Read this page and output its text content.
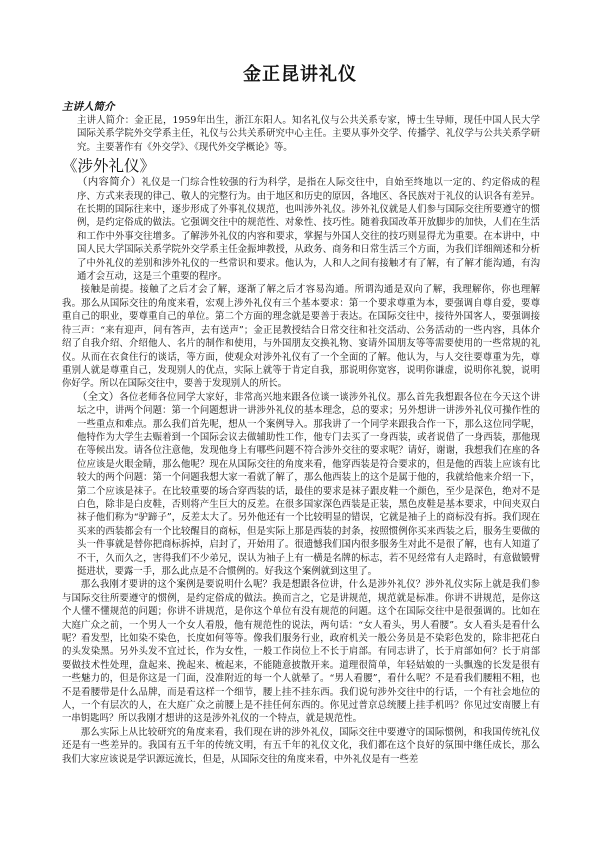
金正昆讲礼仪
主讲人简介

主讲人简介：金正昆，1959年出生，浙江东阳人。知名礼仪与公共关系专家，博士生导师，现任中国人民大学国际关系学院外交学系主任，礼仪与公共关系研究中心主任。主要从事外交学、传播学、礼仪学与公共关系学研究。主要著作有《外交学》、《现代外交学概论》等。

《涉外礼仪》

（内容简介）礼仪是一门综合性较强的行为科学，是指在人际交往中，自始至终地以一定的、约定俗成的程序、方式来表现的律己、敬人的完整行为。由于地区和历史的原因，各地区、各民族对于礼仪的认识各有差异。在长期的国际往来中，逐步形成了外事礼仪规范，也叫涉外礼仪。涉外礼仪就是人们参与国际交往所要遵守的惯例，是约定俗成的做法。它强调交往中的规范性、对象性、技巧性。随着我国改革开放脚步的加快，人们在生活和工作中外事交往增多。了解涉外礼仪的内容和要求，掌握与外国人交往的技巧则显得尤为重要。在本讲中，中国人民大学国际关系学院外交学系主任金振坤教授，从政务、商务和日常生活三个方面，为我们详细阐述和分析了中外礼仪的差别和涉外礼仪的一些常识和要求。他认为，人和人之间有接触才有了解，有了解才能沟通，有沟通才会互动，这是三个重要的程序。

接触是前提。接触了之后才会了解，逐渐了解之后才容易沟通。所谓沟通是双向了解，我理解你，你也理解我。那么从国际交往的角度来看，宏观上涉外礼仪有三个基本要求：第一个要求尊重为本，要强调自尊自爱，要尊重自己的职业，要尊重自己的单位。第二个方面的理念就是要善于表达。在国际交往中，接待外国客人，要强调接待三声：“来有迎声，问有答声，去有送声”；金正昆教授结合日常交往和社交活动、公务活动的一些内容，具体介绍了自我介绍、介绍他人、名片的制作和使用，与外国朋友交换礼物、宴请外国朋友等等需要使用的一些常规的礼仪。从而在衣食住行的谈话，等方面，使观众对涉外礼仪有了一个全面的了解。他认为，与人交往要尊重为先，尊重别人就是尊重自己，发现别人的优点，实际上就等于肯定自我，那说明你宽容，说明你谦虚，说明你礼貌，说明你好学。所以在国际交往中，要善于发现别人的所长。

（全文）各位老师各位同学大家好，非常高兴地来跟各位谈一谈涉外礼仪。那么首先我想跟各位在今天这个讲坛之中，讲两个问题：第一个问题想讲一讲涉外礼仪的基本理念，总的要求；另外想讲一讲涉外礼仪可操作性的一些重点和难点。那么我们首先呢，想从一个案例导入。那我讲了一个同学来跟我合作一下，那么这位同学呢，他特作为大学生去赈着到一个国际会议去做辅助性工作，他专门去买了一身西装，或者说借了一身西装，那他现在等候出发。请各位注意他，发现他身上有哪些问题不符合涉外交往的要求呢？请好，谢谢，我想我们在座的各位应该是火眼金睛，那么他呢？现在从国际交往的角度来看，他穿西装是符合要求的，但是他的西装上应该有比较大的两个问题：第一个问题我想大家一看就了解了，那么他西装上的这个是属于他的，我就给他来介绍一下，第二个应该是袜子。在比较重要的场合穿西装的话，最佳的要求是袜子跟皮鞋一个颜色，至少是深色，绝对不是白色，除非是白皮鞋，否则将产生巨大的反差。在很多国家深色西装是正装，黑色皮鞋是基本要求，中间夹双白袜子他们称为“驴蹄子”，反差太大了。另外他还有一个比较明显的错误，它就是袖子上的商标没有拆。我们现在买来的西装都会有一个比较醒目的商标，但是实际上那是西装的封条，按照惯例你买来西装之后，服务生要做的头一件事就是替你把商标拆掉，启封了，开始用了。很遗憾我们国内很多服务生对此不是很了解，也有人知道了不干，久而久之，害得我们不少弟兄，误认为袖子上有一横是名牌的标志，若不见经常有人走路时，有意做锻臂挺进状，要露一手，那么此点是不合惯例的。好我这个案例就到这里了。

那么我刚才要讲的这个案例是要说明什么呢？我是想跟各位讲，什么是涉外礼仪？涉外礼仪实际上就是我们参与国际交往所要遵守的惯例，是约定俗成的做法。换而言之，它是讲规范，规范就是标准。你讲不讲规范，是你这个人懂不懂规范的问题；你讲不讲规范，是你这个单位有没有规范的问题。这个在国际交往中是很强调的。比如在大庭广众之前，一个男人一个女人看殷，他有规范性的说法，两句话：“女人看头，男人看腰”。女人看头是看什么呢？看发型，比如染不染色，长度如何等等。像我们服务行业，政府机关一般公务员是不染彩色发的，除非把花白的头发染黑。另外头发不宜过长，作为女性，一般工作岗位上不长于肩部。有同志讲了，长于肩部如何？长于肩部要做技术性处理，盘起来、挽起来、梳起来，不能随意披散开来。道理很简单，年轻姑娘的一头飘逸的长发是很有一些魅力的，但是你这是一门面，没准附近的每一个人就晕了。“男人看腰”，看什么呢？不是看我们腰粗不粗，也不是看腰带是什么品牌，而是看这样一个细节，腰上挂不挂东西。我们说句涉外交往中的行话，一个有社会地位的人，一个有层次的人，在大庭广众之前腰上是不挂任何东西的。你见过普京总统腰上挂手机吗？你见过安南腰上有一串钥匙吗？所以我刚才想讲的这是涉外礼仪的一个特点，就是规范性。

那么实际上从比较研究的角度来看，我们现在讲的涉外礼仪，国际交往中要遵守的国际惯例，和我国传统礼仪还是有一些差异的。我国有五千年的传统文明，有五千年的礼仪文化，我们都在这个良好的氛围中继任成长，那么我们大家应该说是学识源远流长，但是，从国际交往的角度来看，中外礼仪是有一些差
